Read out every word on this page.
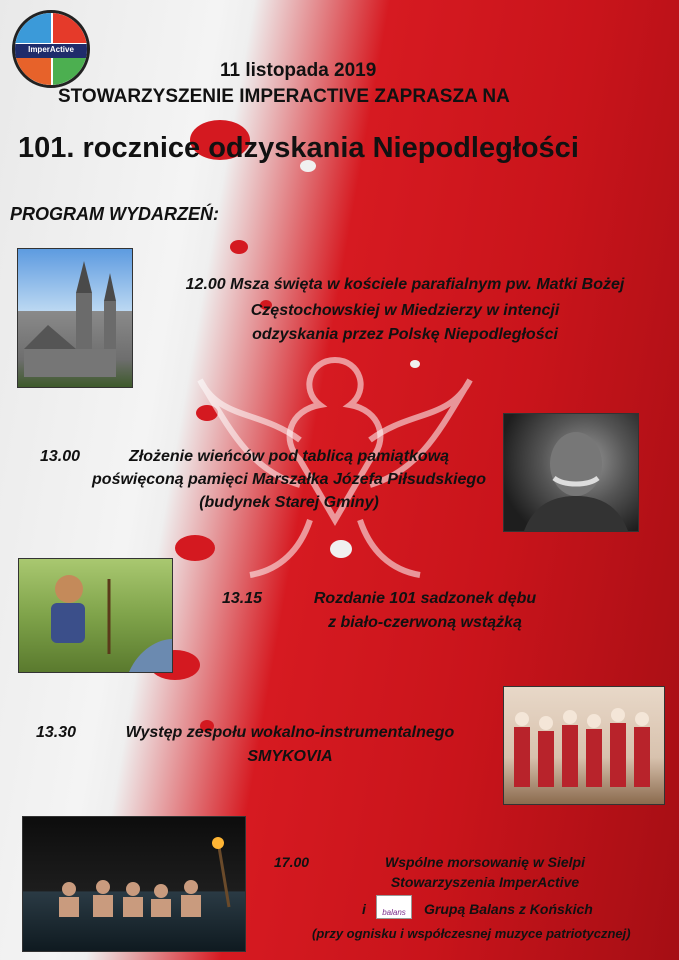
ImperActive
11 listopada 2019
STOWARZYSZENIE IMPERACTIVE ZAPRASZA NA
101. rocznice odzyskania Niepodległości
PROGRAM WYDARZEŃ:
12.00 Msza święta w kościele parafialnym pw. Matki Bożej
Częstochowskiej w Miedzierzy w intencji
odzyskania przez Polskę Niepodległości
13.00	Złożenie wieńców pod tablicą pamiątkową
poświęconą pamięci Marszałka Józefa Piłsudskiego
(budynek Starej Gminy)
13.15	Rozdanie 101 sadzonek dębu
z biało-czerwoną wstążką
13.30	Występ zespołu wokalno-instrumentalnego
SMYKOVIA
17.00	Wspólne morsowanię w Sielpi
Stowarzyszenia ImperActive
i	balans	Grupą Balans z Końskich
(przy ognisku i współczesnej muzyce patriotycznej)
